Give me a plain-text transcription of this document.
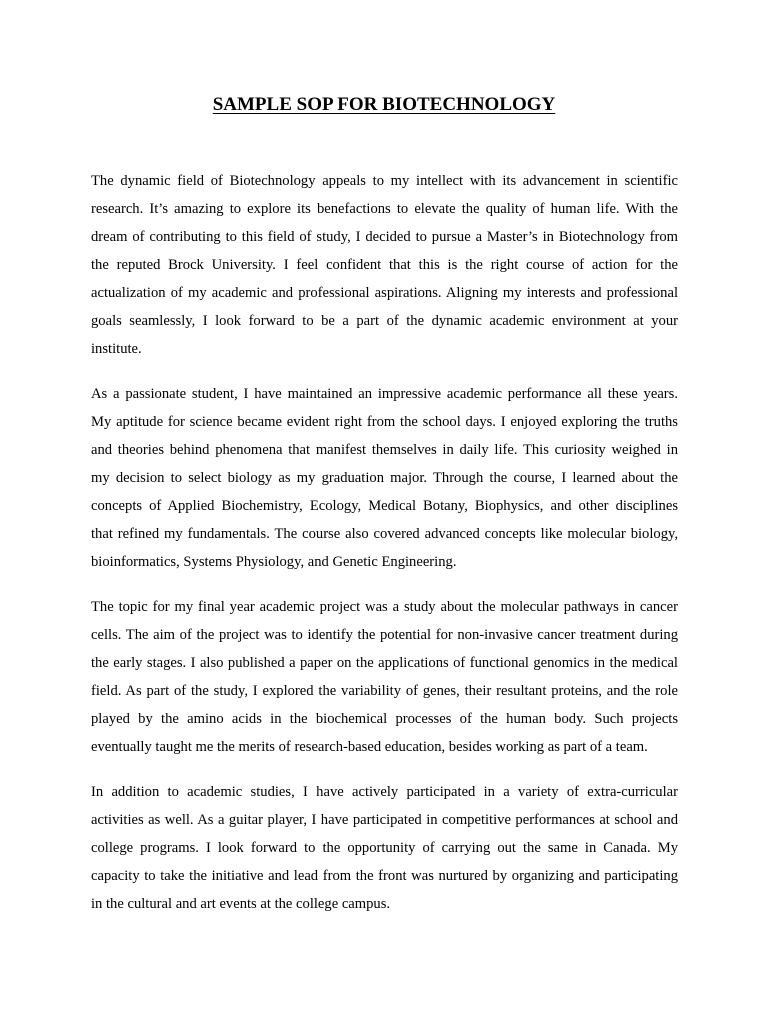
SAMPLE SOP FOR BIOTECHNOLOGY

The dynamic field of Biotechnology appeals to my intellect with its advancement in scientific
research. It’s amazing to explore its benefactions to elevate the quality of human life. With the
dream of contributing to this field of study, I decided to pursue a Master’s in Biotechnology from
the reputed Brock University. I feel confident that this is the right course of action for the
actualization of my academic and professional aspirations. Aligning my interests and professional
goals seamlessly, I look forward to be a part of the dynamic academic environment at your
institute.

As a passionate student, I have maintained an impressive academic performance all these years.
My aptitude for science became evident right from the school days. I enjoyed exploring the truths
and theories behind phenomena that manifest themselves in daily life. This curiosity weighed in
my decision to select biology as my graduation major. Through the course, I learned about the
concepts of Applied Biochemistry, Ecology, Medical Botany, Biophysics, and other disciplines
that refined my fundamentals. The course also covered advanced concepts like molecular biology,
bioinformatics, Systems Physiology, and Genetic Engineering.

The topic for my final year academic project was a study about the molecular pathways in cancer
cells. The aim of the project was to identify the potential for non-invasive cancer treatment during
the early stages. I also published a paper on the applications of functional genomics in the medical
field. As part of the study, I explored the variability of genes, their resultant proteins, and the role
played by the amino acids in the biochemical processes of the human body. Such projects
eventually taught me the merits of research-based education, besides working as part of a team.

In addition to academic studies, I have actively participated in a variety of extra-curricular
activities as well. As a guitar player, I have participated in competitive performances at school and
college programs. I look forward to the opportunity of carrying out the same in Canada. My
capacity to take the initiative and lead from the front was nurtured by organizing and participating
in the cultural and art events at the college campus.
